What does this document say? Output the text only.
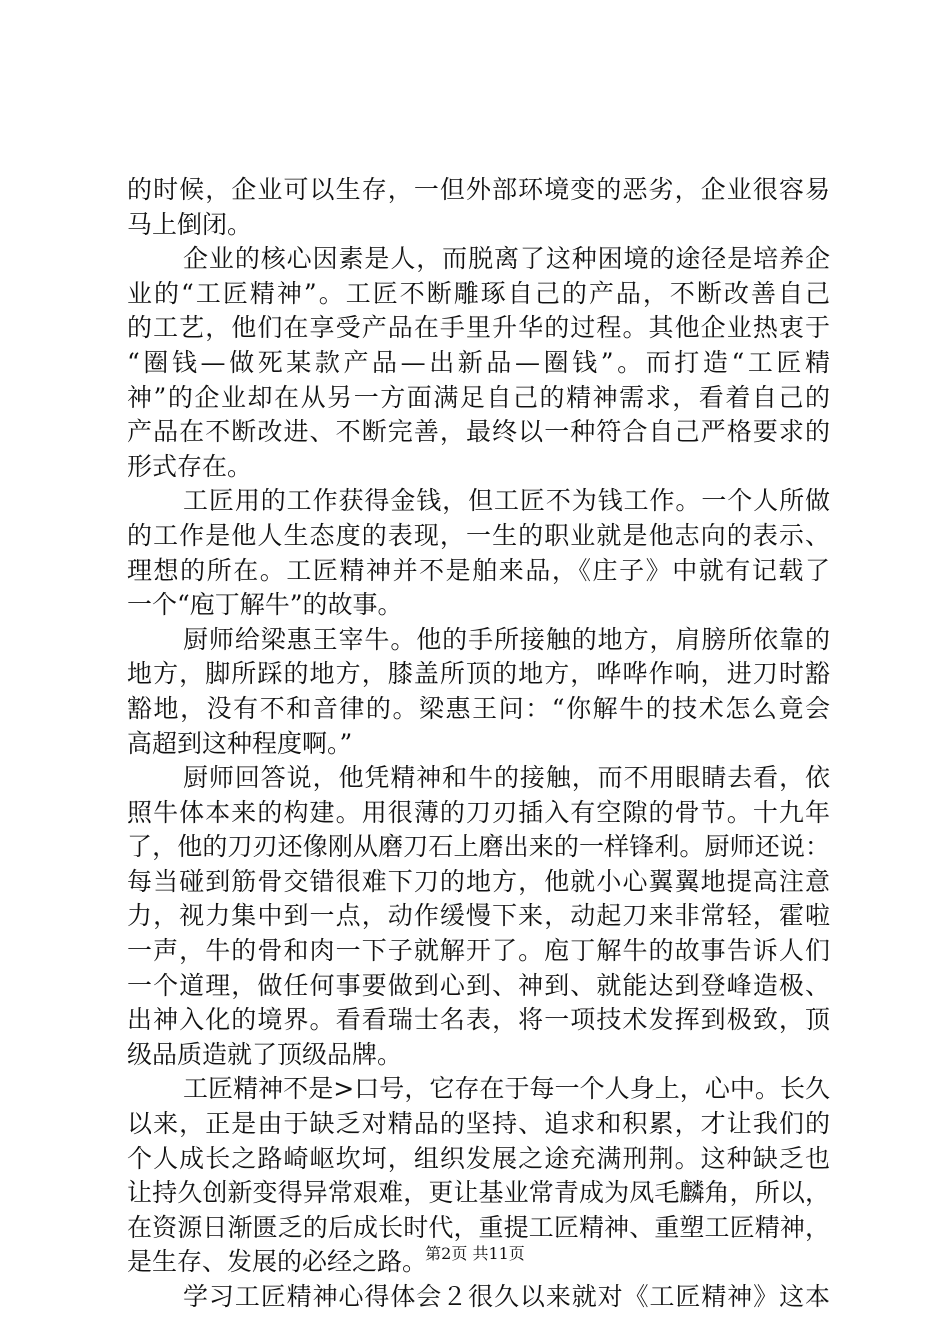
的时候，企业可以生存，一但外部环境变的恶劣，企业很容易
马上倒闭。
企业的核心因素是人，而脱离了这种困境的途径是培养企
业的“工匠精神”。工匠不断雕琢自己的产品，不断改善自己
的工艺，他们在享受产品在手里升华的过程。其他企业热衷于
“圈钱—做死某款产品—出新品—圈钱”。而打造“工匠精
神”的企业却在从另一方面满足自己的精神需求，看着自己的
产品在不断改进、不断完善，最终以一种符合自己严格要求的
形式存在。
工匠用的工作获得金钱，但工匠不为钱工作。一个人所做
的工作是他人生态度的表现，一生的职业就是他志向的表示、
理想的所在。工匠精神并不是舶来品，《庄子》中就有记载了
一个“庖丁解牛”的故事。
厨师给梁惠王宰牛。他的手所接触的地方，肩膀所依靠的
地方，脚所踩的地方，膝盖所顶的地方，哗哗作响，进刀时豁
豁地，没有不和音律的。梁惠王问：“你解牛的技术怎么竟会
高超到这种程度啊。”
厨师回答说，他凭精神和牛的接触，而不用眼睛去看，依
照牛体本来的构建。用很薄的刀刃插入有空隙的骨节。十九年
了，他的刀刃还像刚从磨刀石上磨出来的一样锋利。厨师还说：
每当碰到筋骨交错很难下刀的地方，他就小心翼翼地提高注意
力，视力集中到一点，动作缓慢下来，动起刀来非常轻，霍啦
一声，牛的骨和肉一下子就解开了。庖丁解牛的故事告诉人们
一个道理，做任何事要做到心到、神到、就能达到登峰造极、
出神入化的境界。看看瑞士名表，将一项技术发挥到极致，顶
级品质造就了顶级品牌。
工匠精神不是>口号，它存在于每一个人身上，心中。长久
以来，正是由于缺乏对精品的坚持、追求和积累，才让我们的
个人成长之路崎岖坎坷，组织发展之途充满刑荆。这种缺乏也
让持久创新变得异常艰难，更让基业常青成为凤毛麟角，所以，
在资源日渐匮乏的后成长时代，重提工匠精神、重塑工匠精神，
是生存、发展的必经之路。
学习工匠精神心得体会２很久以来就对《工匠精神》这本
第2页 共11页
